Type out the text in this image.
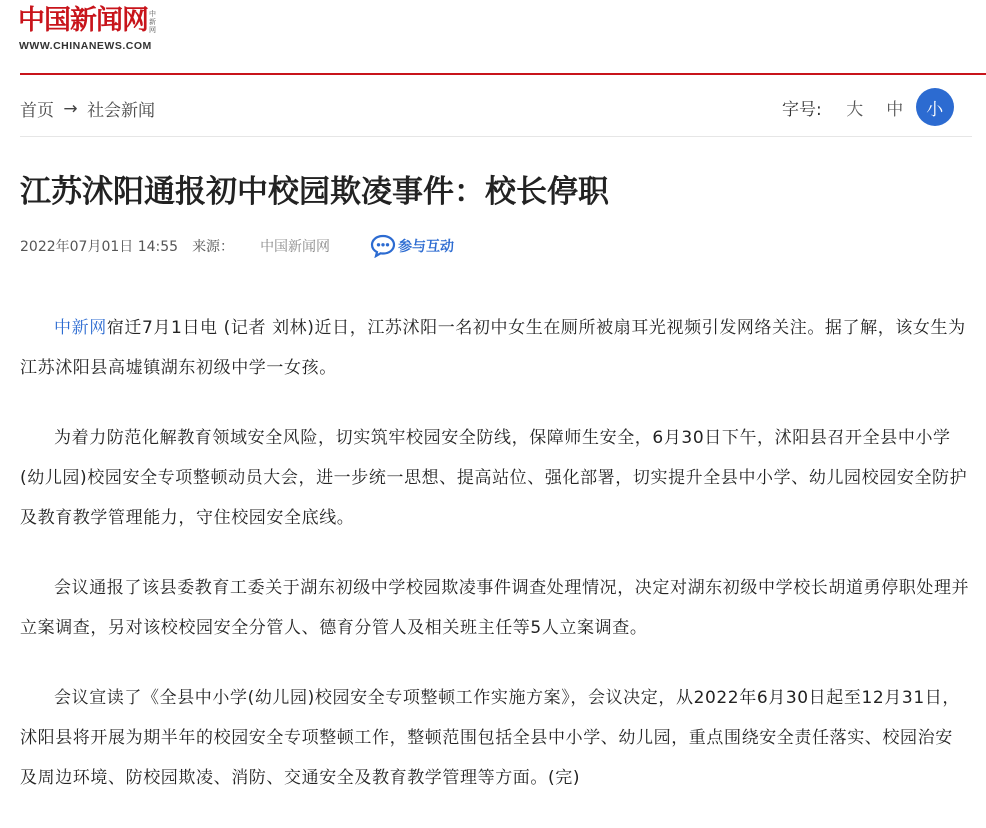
中国新闻网 中新网
WWW.CHINANEWS.COM
首页 → 社会新闻	字号:	大	中	小
江苏沭阳通报初中校园欺凌事件：校长停职
2022年07月01日 14:55 来源： 中国新闻网	参与互动

中新网宿迁7月1日电 (记者 刘林)近日，江苏沭阳一名初中女生在厕所被扇耳光视频引发网络关注。据了解，该女生为江苏沭阳县高墟镇湖东初级中学一女孩。

为着力防范化解教育领域安全风险，切实筑牢校园安全防线，保障师生安全，6月30日下午，沭阳县召开全县中小学(幼儿园)校园安全专项整顿动员大会，进一步统一思想、提高站位、强化部署，切实提升全县中小学、幼儿园校园安全防护及教育教学管理能力，守住校园安全底线。

会议通报了该县委教育工委关于湖东初级中学校园欺凌事件调查处理情况，决定对湖东初级中学校长胡道勇停职处理并立案调查，另对该校校园安全分管人、德育分管人及相关班主任等5人立案调查。

会议宣读了《全县中小学(幼儿园)校园安全专项整顿工作实施方案》，会议决定，从2022年6月30日起至12月31日，沭阳县将开展为期半年的校园安全专项整顿工作，整顿范围包括全县中小学、幼儿园，重点围绕安全责任落实、校园治安及周边环境、防校园欺凌、消防、交通安全及教育教学管理等方面。(完)
